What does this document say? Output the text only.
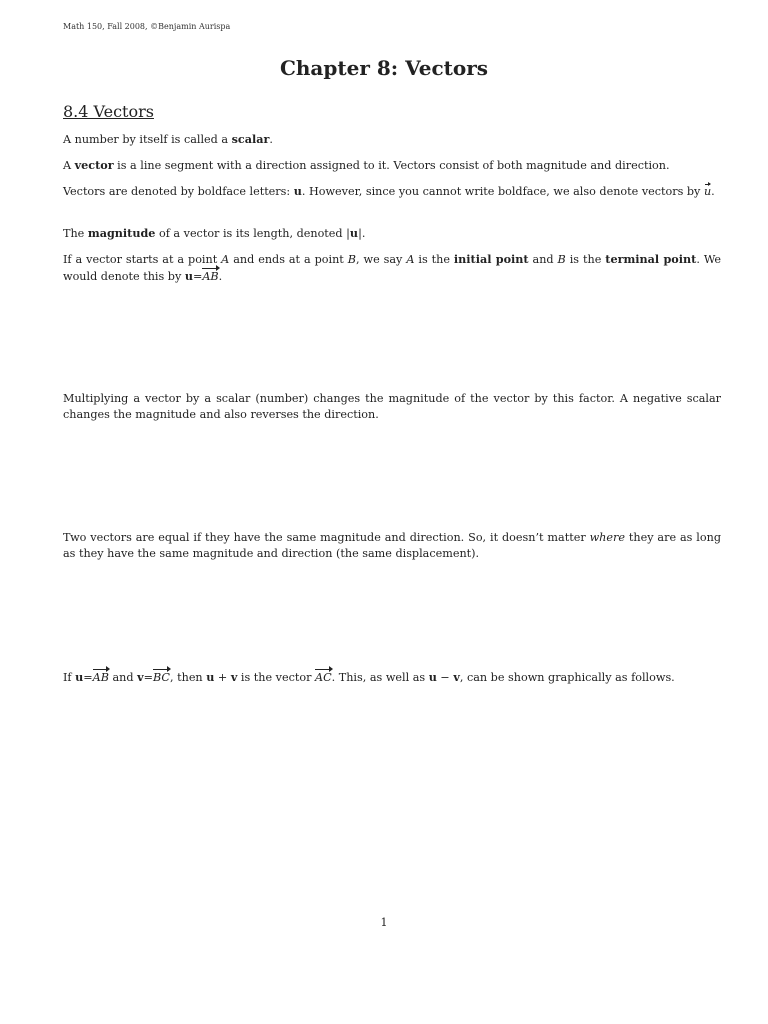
Math 150, Fall 2008, ©Benjamin Aurispa
Chapter 8: Vectors
8.4 Vectors
A number by itself is called a scalar.
A vector is a line segment with a direction assigned to it. Vectors consist of both magnitude and direction.
Vectors are denoted by boldface letters: u. However, since you cannot write boldface, we also denote vectors by u.
The magnitude of a vector is its length, denoted |u|.
If a vector starts at a point A and ends at a point B, we say A is the initial point and B is the terminal point. We would denote this by u=AB.
Multiplying a vector by a scalar (number) changes the magnitude of the vector by this factor. A negative scalar changes the magnitude and also reverses the direction.
Two vectors are equal if they have the same magnitude and direction. So, it doesn’t matter where they are as long as they have the same magnitude and direction (the same displacement).
If u=AB and v=BC, then u + v is the vector AC. This, as well as u − v, can be shown graphically as follows.
1
